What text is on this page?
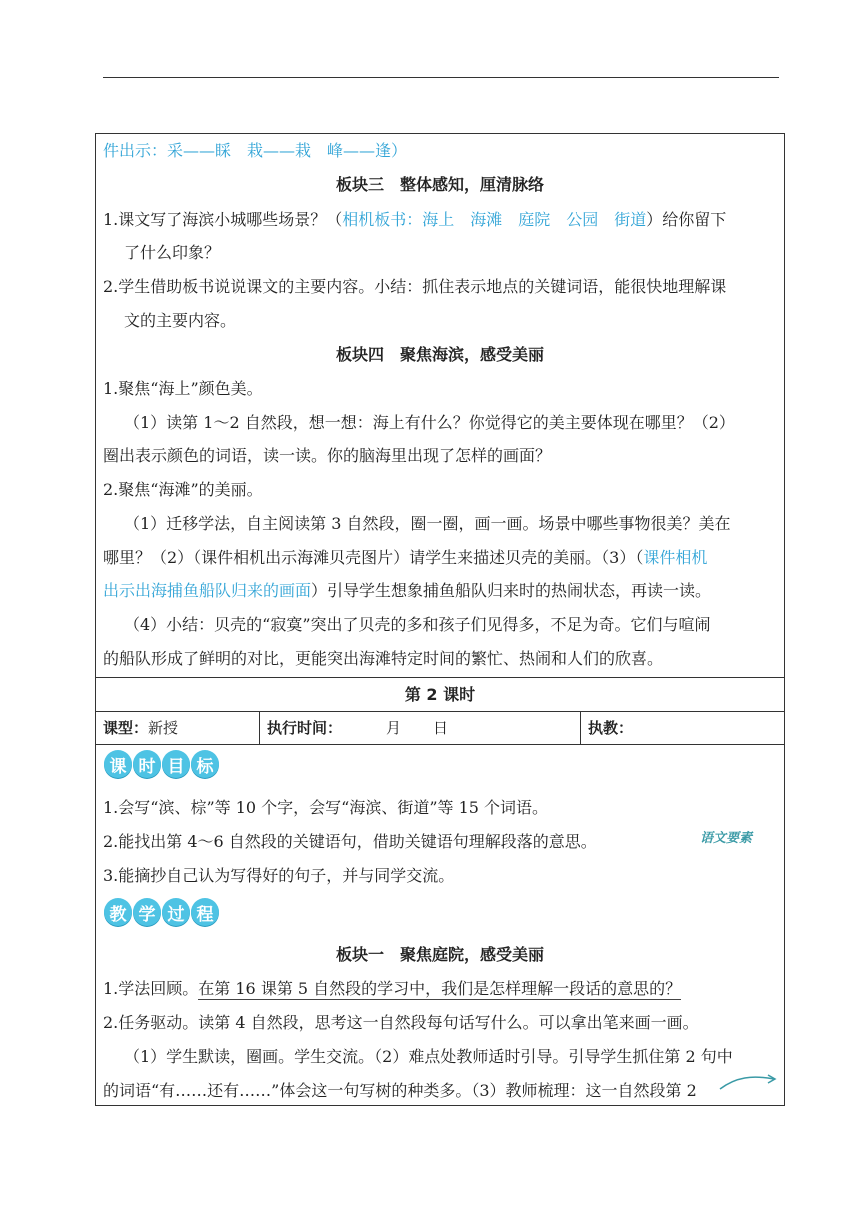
件出示：采——睬　栽——栽　峰——逢）
板块三　整体感知，厘清脉络
1.课文写了海滨小城哪些场景？（相机板书：海上　海滩　庭院　公园　街道）给你留下
了什么印象？
2.学生借助板书说说课文的主要内容。小结：抓住表示地点的关键词语，能很快地理解课
文的主要内容。
板块四　聚焦海滨，感受美丽
1.聚焦“海上”颜色美。
（1）读第 1～2 自然段，想一想：海上有什么？你觉得它的美主要体现在哪里？（2）
圈出表示颜色的词语，读一读。你的脑海里出现了怎样的画面？
2.聚焦“海滩”的美丽。
（1）迁移学法，自主阅读第 3 自然段，圈一圈，画一画。场景中哪些事物很美？美在
哪里？（2）（课件相机出示海滩贝壳图片）请学生来描述贝壳的美丽。（3）（课件相机
出示出海捕鱼船队归来的画面）引导学生想象捕鱼船队归来时的热闹状态，再读一读。
（4）小结：贝壳的“寂寞”突出了贝壳的多和孩子们见得多，不足为奇。它们与喧闹
的船队形成了鲜明的对比，更能突出海滩特定时间的繁忙、热闹和人们的欣喜。
第 2 课时
课型：新授	执行时间：	月 日	执教：
课 时 目 标
1.会写“滨、棕”等 10 个字，会写“海滨、街道”等 15 个词语。
2.能找出第 4～6 自然段的关键语句，借助关键语句理解段落的意思。
3.能摘抄自己认为写得好的句子，并与同学交流。
教 学 过 程
板块一　聚焦庭院，感受美丽
1.学法回顾。在第 16 课第 5 自然段的学习中，我们是怎样理解一段话的意思的？
2.任务驱动。读第 4 自然段，思考这一自然段每句话写什么。可以拿出笔来画一画。
（1）学生默读，圈画。学生交流。（2）难点处教师适时引导。引导学生抓住第 2 句中
的词语“有……还有……”体会这一句写树的种类多。（3）教师梳理：这一自然段第 2
语文要素
